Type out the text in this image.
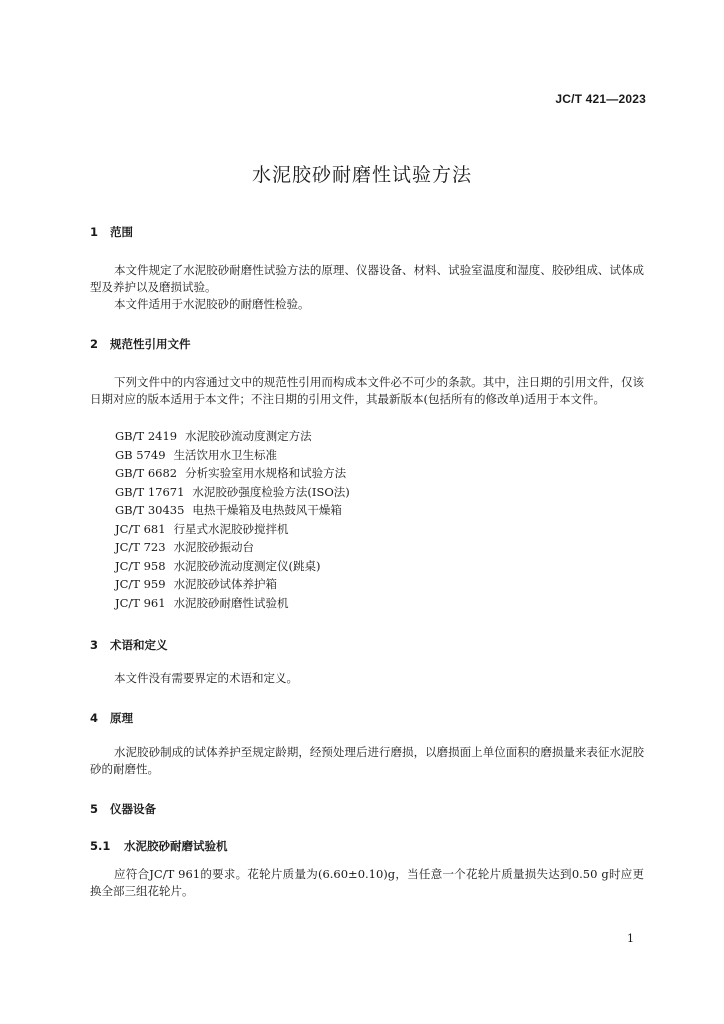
JC/T 421—2023
水泥胶砂耐磨性试验方法
1 范围

本文件规定了水泥胶砂耐磨性试验方法的原理、仪器设备、材料、试验室温度和湿度、胶砂组成、试体成型及养护以及磨损试验。

本文件适用于水泥胶砂的耐磨性检验。

2 规范性引用文件

下列文件中的内容通过文中的规范性引用而构成本文件必不可少的条款。其中，注日期的引用文件，仅该日期对应的版本适用于本文件；不注日期的引用文件，其最新版本(包括所有的修改单)适用于本文件。

GB/T 2419 水泥胶砂流动度测定方法
GB 5749 生活饮用水卫生标准
GB/T 6682 分析实验室用水规格和试验方法
GB/T 17671 水泥胶砂强度检验方法(ISO法)
GB/T 30435 电热干燥箱及电热鼓风干燥箱
JC/T 681 行星式水泥胶砂搅拌机
JC/T 723 水泥胶砂振动台
JC/T 958 水泥胶砂流动度测定仪(跳桌)
JC/T 959 水泥胶砂试体养护箱
JC/T 961 水泥胶砂耐磨性试验机
3 术语和定义

本文件没有需要界定的术语和定义。

4 原理

水泥胶砂制成的试体养护至规定龄期，经预处理后进行磨损，以磨损面上单位面积的磨损量来表征水泥胶砂的耐磨性。

5 仪器设备
5.1 水泥胶砂耐磨试验机

应符合JC/T 961的要求。花轮片质量为(6.60±0.10)g，当任意一个花轮片质量损失达到0.50 g时应更换全部三组花轮片。

1
